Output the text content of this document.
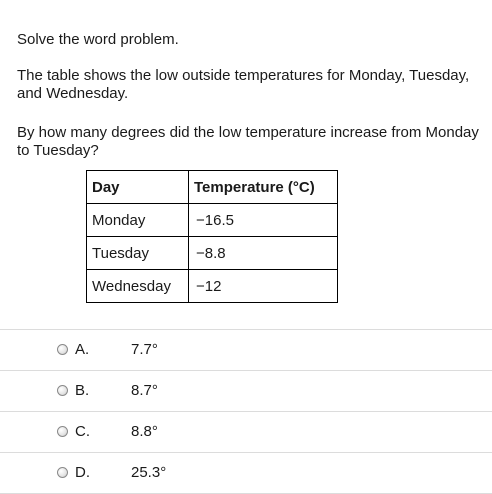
Solve the word problem.
The table shows the low outside temperatures for Monday, Tuesday, and Wednesday.
By how many degrees did the low temperature increase from Monday to Tuesday?
Day	Temperature (°C)
Monday	−16.5
Tuesday	−8.8
Wednesday	−12
A.	7.7°
B.	8.7°
C.	8.8°
D.	25.3°
